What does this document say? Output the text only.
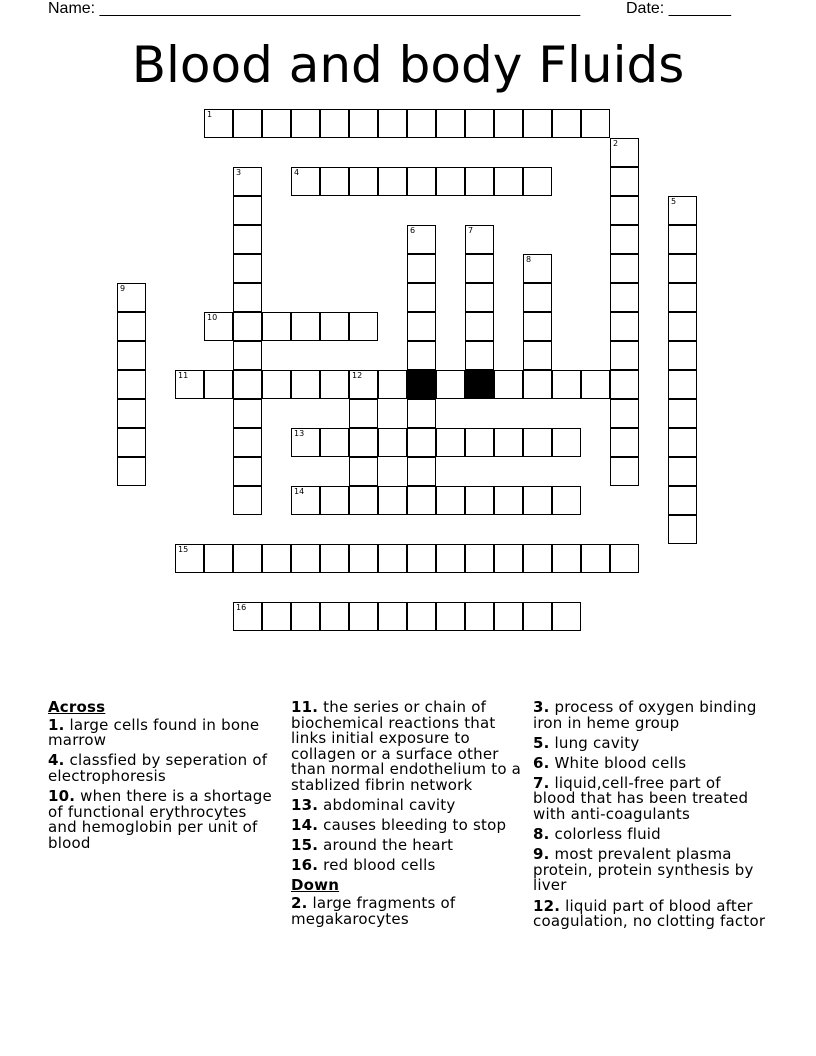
Name: ______________________________________________________	Date: _______
Blood and body Fluids
1
2
3	4
5
6	7
8
9
10
11	12
13
14
15
16
Across
1. large cells found in bone marrow
4. classfied by seperation of electrophoresis
10. when there is a shortage of functional erythrocytes and hemoglobin per unit of blood
11. the series or chain of biochemical reactions that links initial exposure to collagen or a surface other than normal endothelium to a stablized fibrin network
13. abdominal cavity
14. causes bleeding to stop
15. around the heart
16. red blood cells
Down
2. large fragments of megakarocytes
3. process of oxygen binding iron in heme group
5. lung cavity
6. White blood cells
7. liquid,cell-free part of blood that has been treated with anti-coagulants
8. colorless fluid
9. most prevalent plasma protein, protein synthesis by liver
12. liquid part of blood after coagulation, no clotting factor
